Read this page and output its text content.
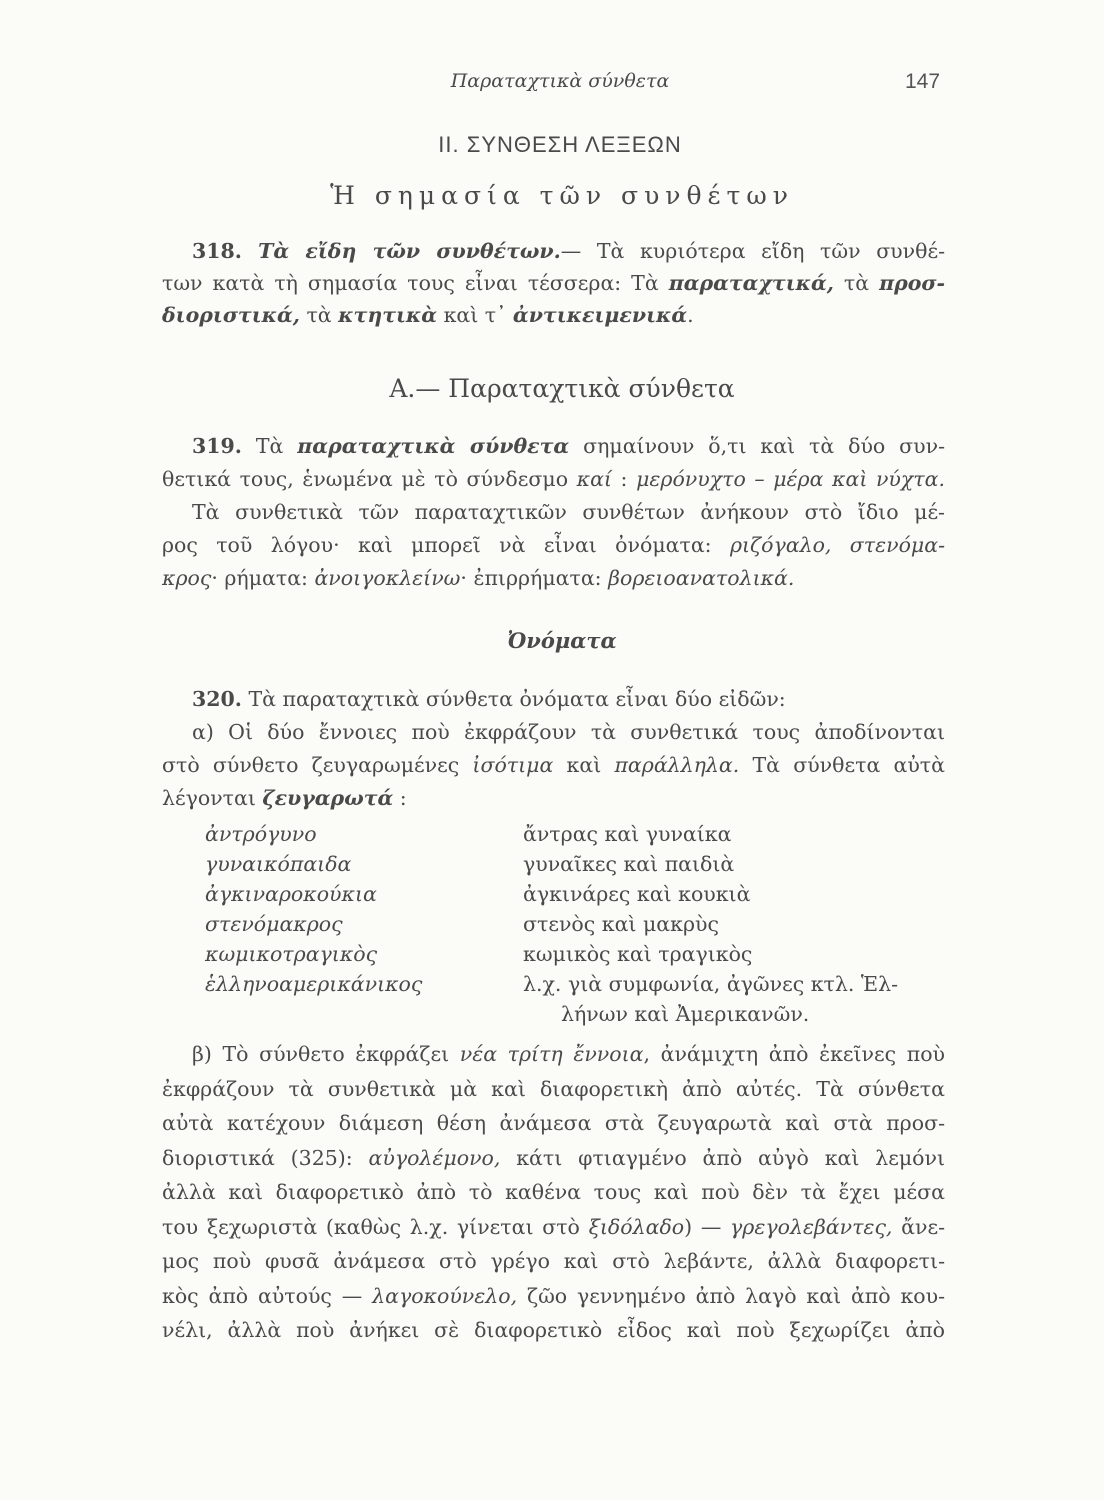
Παραταχτικὰ σύνθετα	147
II. ΣΥΝΘΕΣΗ ΛΕΞΕΩΝ
Ἡ σημασία τῶν συνθέτων
Α.— Παραταχτικὰ σύνθετα
Ὀνόματα
318. Τὰ εἴδη τῶν συνθέτων.— Τὰ κυριότερα εἴδη τῶν συνθέ-
των κατὰ τὴ σημασία τους εἶναι τέσσερα: Τὰ παραταχτικά, τὰ προσ-
διοριστικά, τὰ κτητικὰ καὶ τ᾽ ἀντικειμενικά.
319. Τὰ παραταχτικὰ σύνθετα σημαίνουν ὅ,τι καὶ τὰ δύο συν-
θετικά τους, ἑνωμένα μὲ τὸ σύνδεσμο καί : μερόνυχτο – μέρα καὶ νύχτα.
Τὰ συνθετικὰ τῶν παραταχτικῶν συνθέτων ἀνήκουν στὸ ἴδιο μέ-
ρος τοῦ λόγου· καὶ μπορεῖ νὰ εἶναι ὀνόματα: ριζόγαλο, στενόμα-
κρος· ρήματα: ἀνοιγοκλείνω· ἐπιρρήματα: βορειοανατολικά.
320. Τὰ παραταχτικὰ σύνθετα ὀνόματα εἶναι δύο εἰδῶν:
α) Οἱ δύο ἔννοιες ποὺ ἐκφράζουν τὰ συνθετικά τους ἀποδίνονται
στὸ σύνθετο ζευγαρωμένες ἰσότιμα καὶ παράλληλα. Τὰ σύνθετα αὐτὰ
λέγονται ζευγαρωτά :
β) Τὸ σύνθετο ἐκφράζει νέα τρίτη ἔννοια, ἀνάμιχτη ἀπὸ ἐκεῖνες ποὺ
ἐκφράζουν τὰ συνθετικὰ μὰ καὶ διαφορετικὴ ἀπὸ αὐτές. Τὰ σύνθετα
αὐτὰ κατέχουν διάμεση θέση ἀνάμεσα στὰ ζευγαρωτὰ καὶ στὰ προσ-
διοριστικά (325): αὐγολέμονο, κάτι φτιαγμένο ἀπὸ αὐγὸ καὶ λεμόνι
ἀλλὰ καὶ διαφορετικὸ ἀπὸ τὸ καθένα τους καὶ ποὺ δὲν τὰ ἔχει μέσα
του ξεχωριστὰ (καθὼς λ.χ. γίνεται στὸ ξιδόλαδο) — γρεγολεβάντες, ἄνε-
μος ποὺ φυσᾶ ἀνάμεσα στὸ γρέγο καὶ στὸ λεβάντε, ἀλλὰ διαφορετι-
κὸς ἀπὸ αὐτούς — λαγοκούνελο, ζῶο γεννημένο ἀπὸ λαγὸ καὶ ἀπὸ κου-
νέλι, ἀλλὰ ποὺ ἀνήκει σὲ διαφορετικὸ εἶδος καὶ ποὺ ξεχωρίζει ἀπὸ
ἀντρόγυνο	ἄντρας καὶ γυναίκα
γυναικόπαιδα	γυναῖκες καὶ παιδιὰ
ἀγκιναροκούκια	ἀγκινάρες καὶ κουκιὰ
στενόμακρος	στενὸς καὶ μακρὺς
κωμικοτραγικὸς	κωμικὸς καὶ τραγικὸς
ἑλληνοαμερικάνικος	λ.χ. γιὰ συμφωνία, ἀγῶνες κτλ. Ἑλ-
λήνων καὶ Ἀμερικανῶν.
